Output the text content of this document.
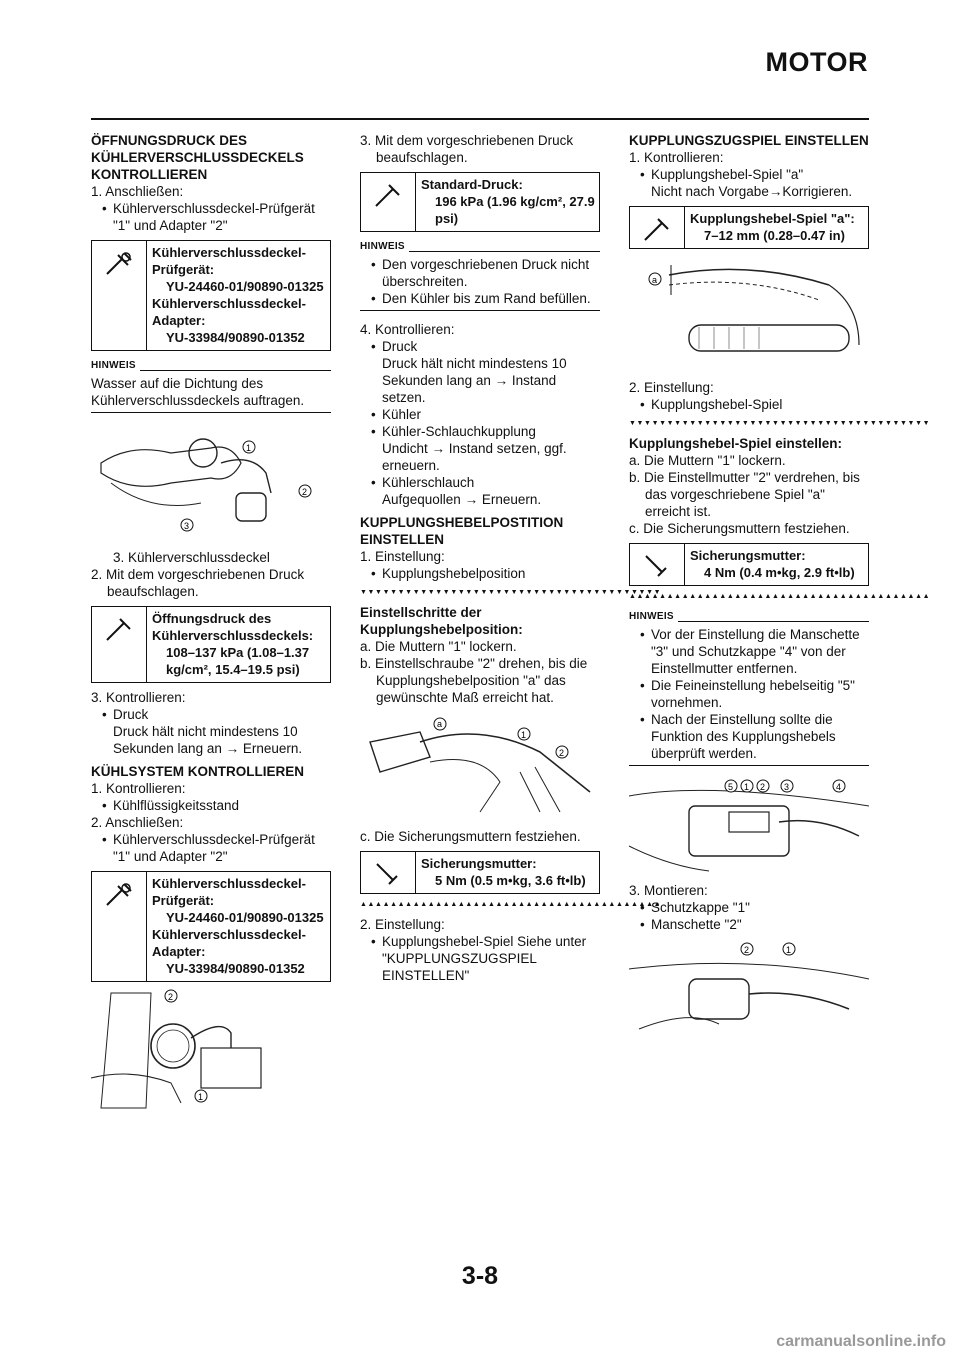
MOTOR
ÖFFNUNGSDRUCK DES KÜHLERVERSCHLUSSDECKELS KONTROLLIEREN
1. Anschließen:
• Kühlerverschlussdeckel-Prüfgerät "1" und Adapter "2"
Kühlerverschlussdeckel-Prüfgerät:
YU-24460-01/90890-01325
Kühlerverschlussdeckel-Adapter:
YU-33984/90890-01352
HINWEIS
Wasser auf die Dichtung des Kühlerverschlussdeckels auftragen.
1
2
3
3. Kühlerverschlussdeckel
2. Mit dem vorgeschriebenen Druck beaufschlagen.
Öffnungsdruck des Kühlerverschlussdeckels:
108–137 kPa (1.08–1.37 kg/cm², 15.4–19.5 psi)
3. Kontrollieren:
• Druck
Druck hält nicht mindestens 10 Sekunden lang an → Erneuern.
KÜHLSYSTEM KONTROLLIEREN
1. Kontrollieren:
• Kühlflüssigkeitsstand
2. Anschließen:
• Kühlerverschlussdeckel-Prüfgerät "1" und Adapter "2"
Kühlerverschlussdeckel-Prüfgerät:
YU-24460-01/90890-01325
Kühlerverschlussdeckel-Adapter:
YU-33984/90890-01352
2
1
3. Mit dem vorgeschriebenen Druck beaufschlagen.
Standard-Druck:
196 kPa (1.96 kg/cm², 27.9 psi)
HINWEIS
• Den vorgeschriebenen Druck nicht überschreiten.
• Den Kühler bis zum Rand befüllen.
4. Kontrollieren:
• Druck
Druck hält nicht mindestens 10 Sekunden lang an → Instand setzen.
• Kühler
• Kühler-Schlauchkupplung
Undicht → Instand setzen, ggf. erneuern.
• Kühlerschlauch
Aufgequollen → Erneuern.
KUPPLUNGSHEBELPOSTITION EINSTELLEN
1. Einstellung:
• Kupplungshebelposition
▼▼▼▼▼▼▼▼▼▼▼▼▼▼▼▼▼▼▼▼▼▼▼▼▼▼▼▼▼▼▼▼▼▼▼▼▼▼▼▼
Einstellschritte der Kupplungshebelposition:
a. Die Muttern "1" lockern.
b. Einstellschraube "2" drehen, bis die Kupplungshebelposition "a" das gewünschte Maß erreicht hat.
a
1
2
c. Die Sicherungsmuttern festziehen.
Sicherungsmutter:
5 Nm (0.5 m•kg, 3.6 ft•lb)
▲▲▲▲▲▲▲▲▲▲▲▲▲▲▲▲▲▲▲▲▲▲▲▲▲▲▲▲▲▲▲▲▲▲▲▲▲▲▲▲
2. Einstellung:
• Kupplungshebel-Spiel Siehe unter "KUPPLUNGSZUGSPIEL EINSTELLEN"
KUPPLUNGSZUGSPIEL EINSTELLEN
1. Kontrollieren:
• Kupplungshebel-Spiel "a"
Nicht nach Vorgabe→Korrigieren.
Kupplungshebel-Spiel "a":
7–12 mm (0.28–0.47 in)
a
2. Einstellung:
• Kupplungshebel-Spiel
▼▼▼▼▼▼▼▼▼▼▼▼▼▼▼▼▼▼▼▼▼▼▼▼▼▼▼▼▼▼▼▼▼▼▼▼▼▼▼▼
Kupplungshebel-Spiel einstellen:
a. Die Muttern "1" lockern.
b. Die Einstellmutter "2" verdrehen, bis das vorgeschriebene Spiel "a" erreicht ist.
c. Die Sicherungsmuttern festziehen.
Sicherungsmutter:
4 Nm (0.4 m•kg, 2.9 ft•lb)
▲▲▲▲▲▲▲▲▲▲▲▲▲▲▲▲▲▲▲▲▲▲▲▲▲▲▲▲▲▲▲▲▲▲▲▲▲▲▲▲
HINWEIS
• Vor der Einstellung die Manschette "3" und Schutzkappe "4" von der Einstellmutter entfernen.
• Die Feineinstellung hebelseitig "5" vornehmen.
• Nach der Einstellung sollte die Funktion des Kupplungshebels überprüft werden.
5 1 2 3	4
3. Montieren:
• Schutzkappe "1"
• Manschette "2"
2	1
3-8
carmanualsonline.info
